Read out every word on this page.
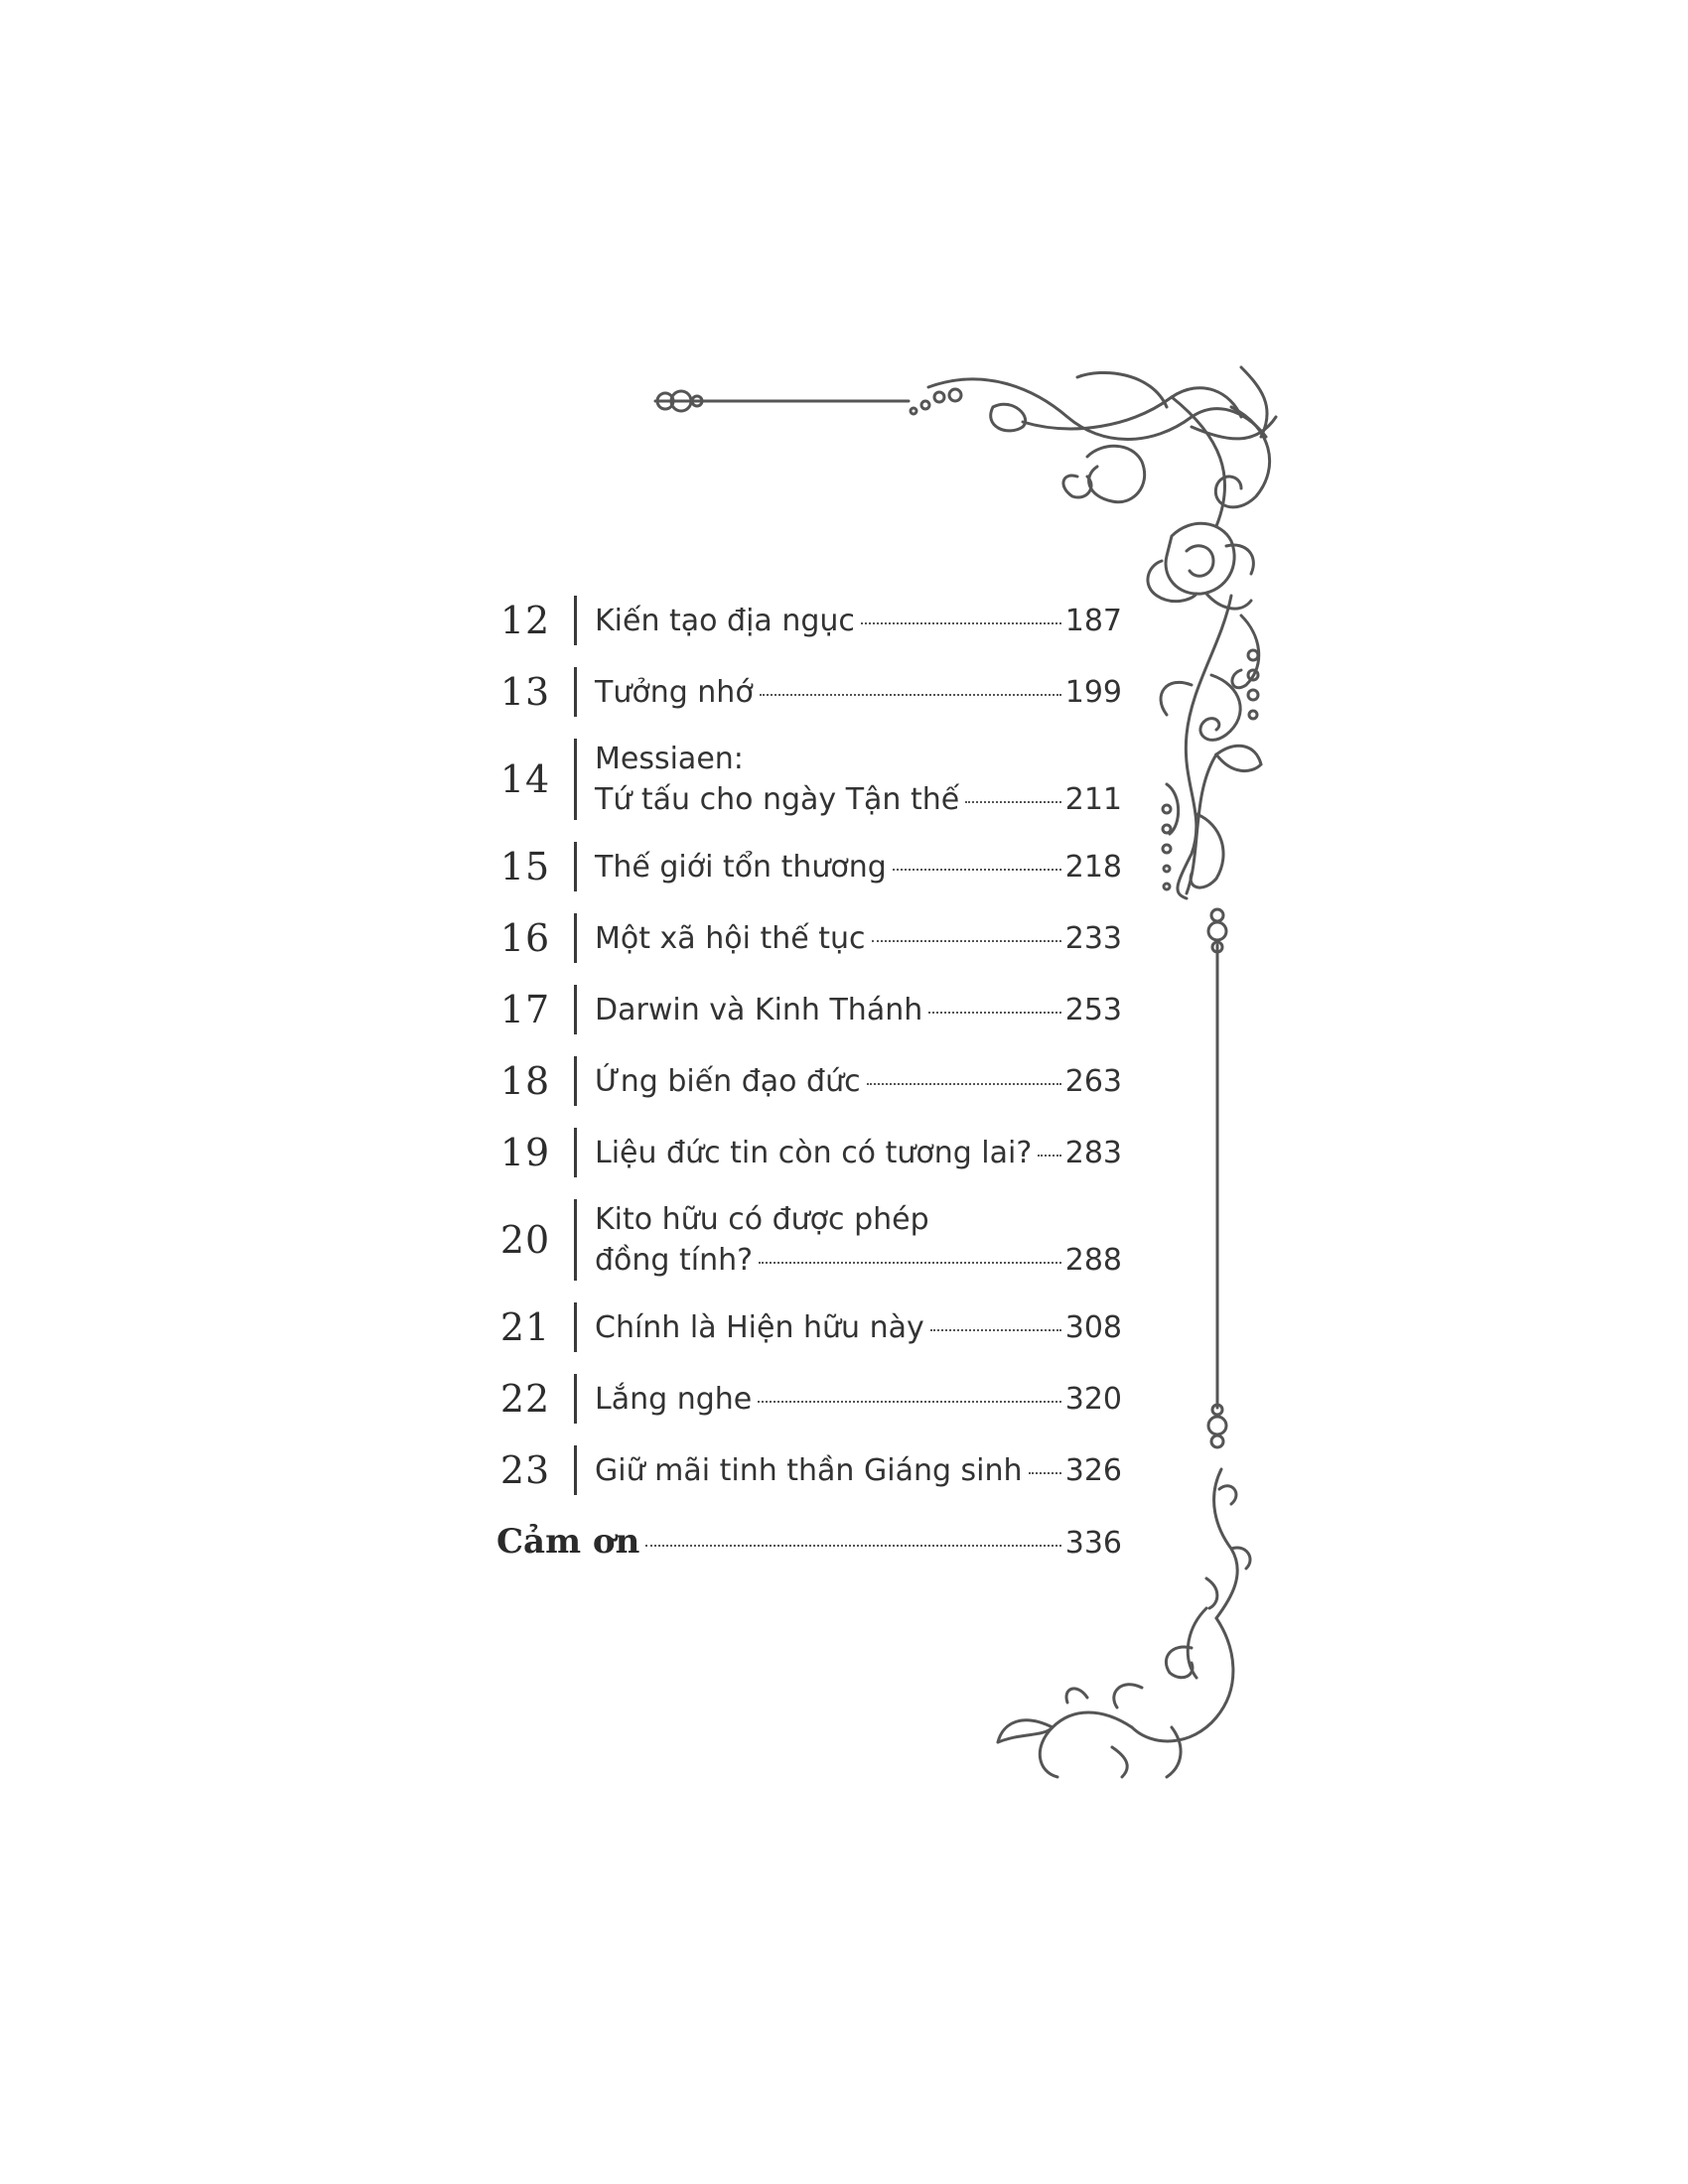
12	Kiến tạo địa ngục	187
13	Tưởng nhớ	199
14	Messiaen:
Tứ tấu cho ngày Tận thế	211
15	Thế giới tổn thương	218
16	Một xã hội thế tục	233
17	Darwin và Kinh Thánh	253
18	Ứng biến đạo đức	263
19	Liệu đức tin còn có tương lai? 283
20	Kito hữu có được phép
đồng tính?	288
21	Chính là Hiện hữu này	308
22	Lắng nghe	320
23	Giữ mãi tinh thần Giáng sinh 326
Cảm ơn	336
